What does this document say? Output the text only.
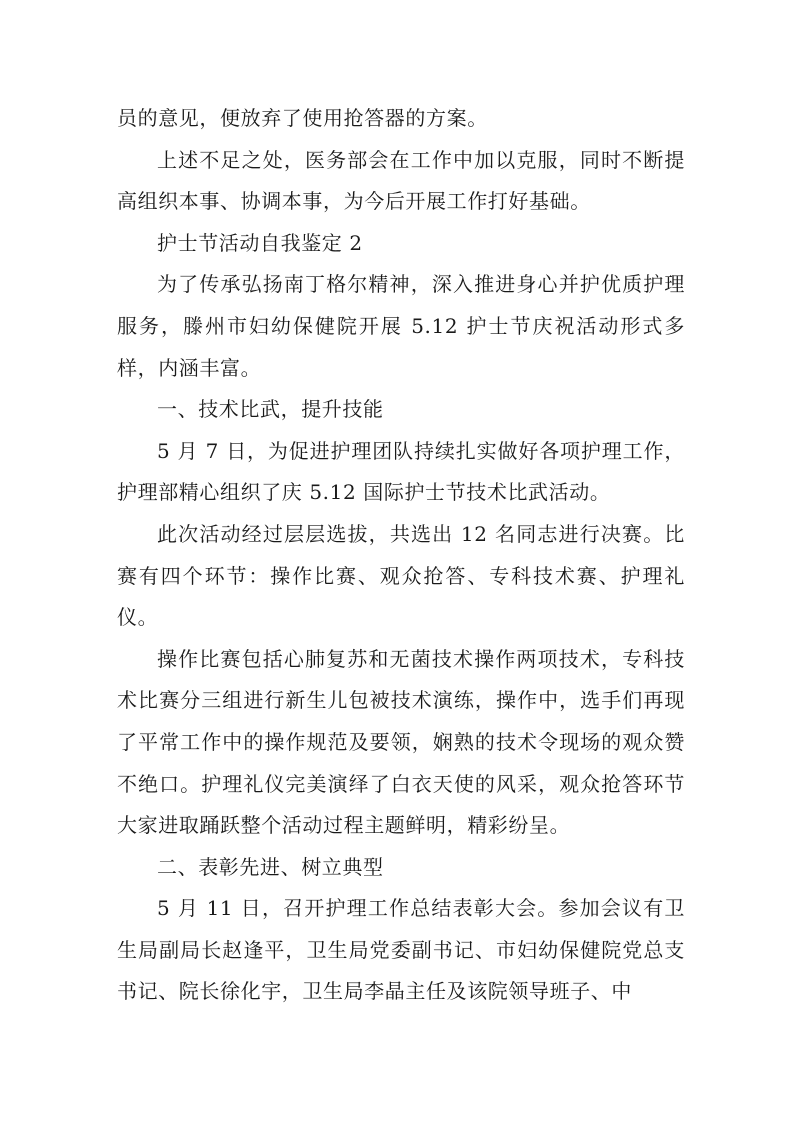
员的意见，便放弃了使用抢答器的方案。

上述不足之处，医务部会在工作中加以克服，同时不断提高组织本事、协调本事，为今后开展工作打好基础。

护士节活动自我鉴定 2

为了传承弘扬南丁格尔精神，深入推进身心并护优质护理服务，滕州市妇幼保健院开展 5.12 护士节庆祝活动形式多样，内涵丰富。

一、技术比武，提升技能

5 月 7 日，为促进护理团队持续扎实做好各项护理工作，护理部精心组织了庆 5.12 国际护士节技术比武活动。

此次活动经过层层选拔，共选出 12 名同志进行决赛。比赛有四个环节：操作比赛、观众抢答、专科技术赛、护理礼仪。

操作比赛包括心肺复苏和无菌技术操作两项技术，专科技术比赛分三组进行新生儿包被技术演练，操作中，选手们再现了平常工作中的操作规范及要领，娴熟的技术令现场的观众赞不绝口。护理礼仪完美演绎了白衣天使的风采，观众抢答环节大家进取踊跃整个活动过程主题鲜明，精彩纷呈。

二、表彰先进、树立典型

5 月 11 日，召开护理工作总结表彰大会。参加会议有卫生局副局长赵逢平，卫生局党委副书记、市妇幼保健院党总支书记、院长徐化宇，卫生局李晶主任及该院领导班子、中
